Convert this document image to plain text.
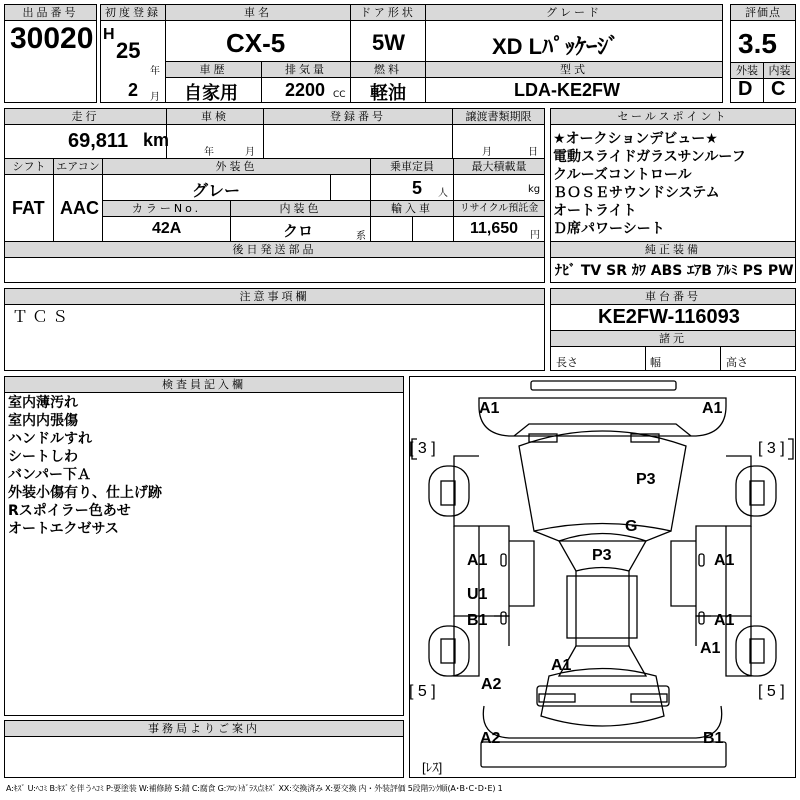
出品番号
30020
初度登録
H
25
年
2 月
車名
CX-5
ドア形状
5W
グレード
XD Lﾊﾟｯｹｰｼﾞ
車歴
自家用
排気量
2200 CC
燃料
軽油
型式
LDA-KE2FW
評価点
3.5
外装 内装
D C
走行
69,811 km
車検
年	月
登録番号	譲渡書類期限
月	日
シフト
FAT
エアコン
AAC
外装色
グレー
乗車定員
5 人
最大積載量
kg
カラーNo.
42A
内装色
クロ	系
輸入車	リサイクル預託金
11,650 円
後日発送部品
セールスポイント
★オークションデビュー★
電動スライドガラスサンルーフ
クルーズコントロール
ＢＯＳＥサウンドシステム
オートライト
Ｄ席パワーシート
純正装備
ﾅﾋﾞ TV SR ｶﾜ ABS ｴｱB ｱﾙﾐ PS PW
注意事項欄
ＴＣＳ
車台番号
KE2FW-116093
諸元
長さ	幅	高さ
検査員記入欄
室内薄汚れ
室内内張傷
ハンドルすれ
シートしわ
バンパー下Ａ
外装小傷有り、仕上げ跡
Rスポイラー色あせ
オートエクゼサス
事務局よりご案内
A1	A1
[ 3 ]	[ 3 ]
P3
G
P3
A1	A1
U1
B1	A1
A1
A1
A2
[ 5 ]	[ 5 ]
A2	B1
[ﾚｽ]
A:ｷｽﾞ U:ﾍｺﾐ B:ｷｽﾞを伴うﾍｺﾐ P:要塗装 W:補修跡 S:錆 C:腐食 G:ﾌﾛﾝﾄｶﾞﾗｽ点ｷｽﾞ XX:交換済み X:要交換 内・外装評価 5段階ﾗﾝｸ順(A･B･C･D･E) 1
